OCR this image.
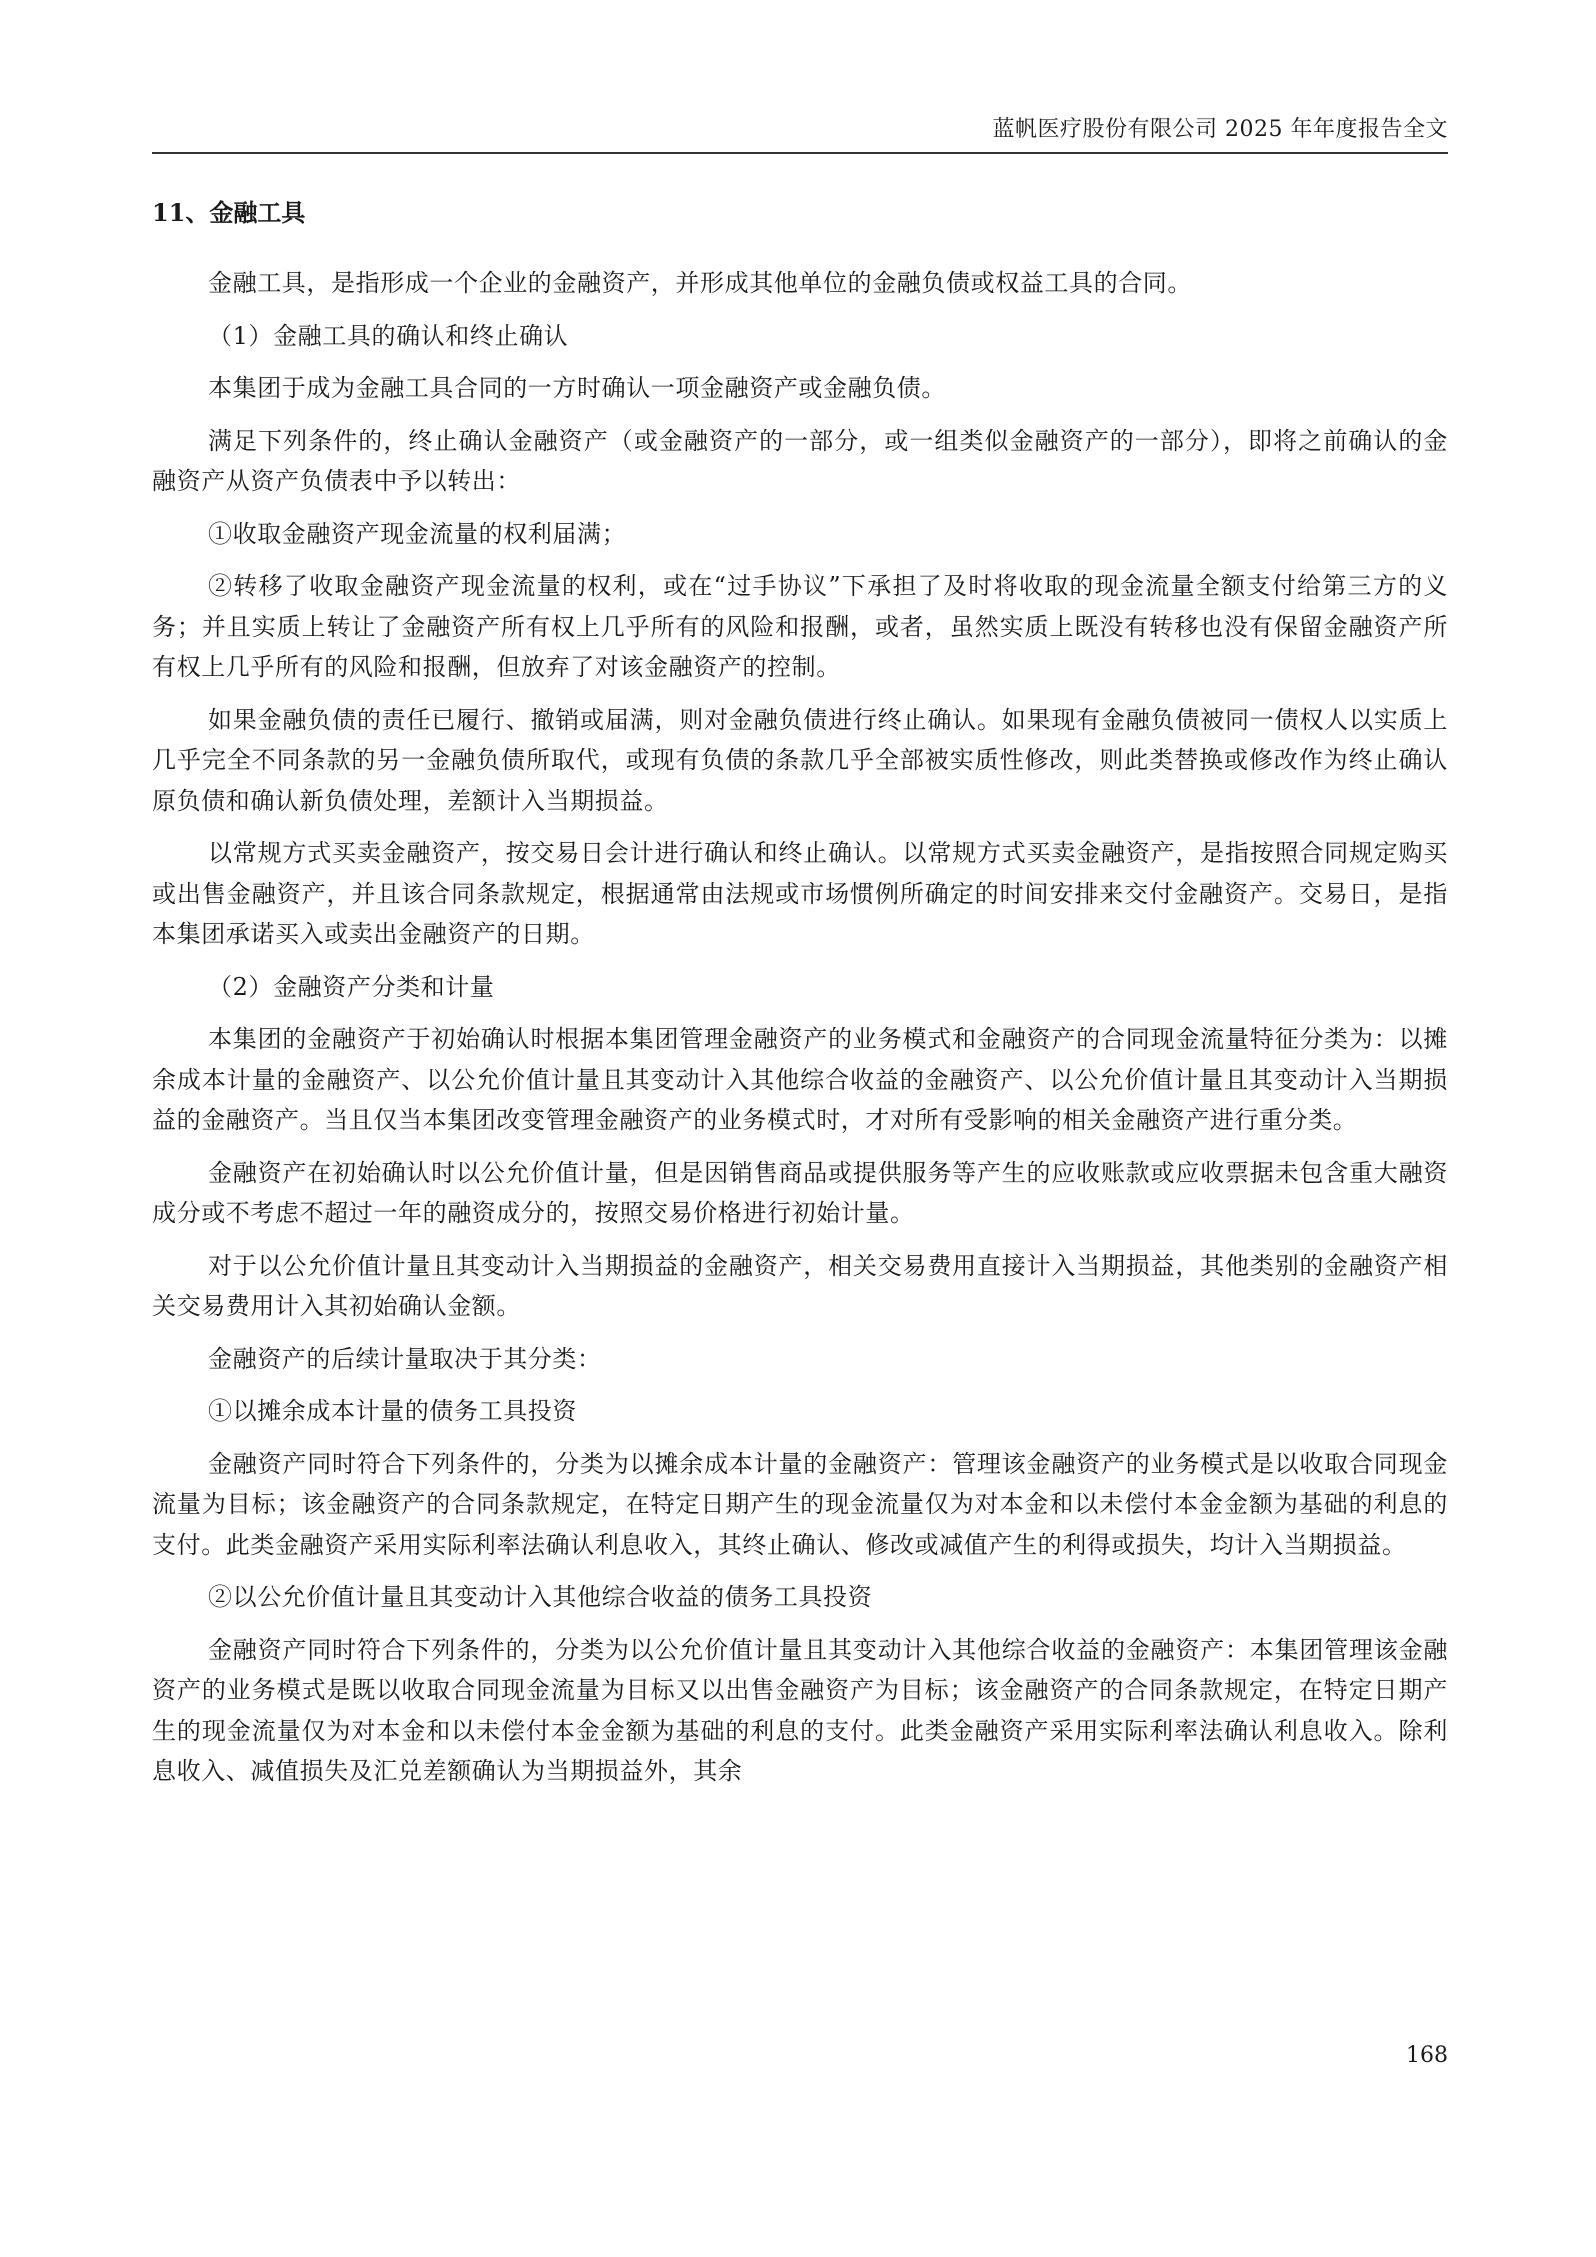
蓝帆医疗股份有限公司 2025 年年度报告全文
11、金融工具

金融工具，是指形成一个企业的金融资产，并形成其他单位的金融负债或权益工具的合同。

（1）金融工具的确认和终止确认

本集团于成为金融工具合同的一方时确认一项金融资产或金融负债。

满足下列条件的，终止确认金融资产（或金融资产的一部分，或一组类似金融资产的一部分），即将之前确认的金融资产从资产负债表中予以转出：

①收取金融资产现金流量的权利届满；

②转移了收取金融资产现金流量的权利，或在“过手协议”下承担了及时将收取的现金流量全额支付给第三方的义务；并且实质上转让了金融资产所有权上几乎所有的风险和报酬，或者，虽然实质上既没有转移也没有保留金融资产所有权上几乎所有的风险和报酬，但放弃了对该金融资产的控制。

如果金融负债的责任已履行、撤销或届满，则对金融负债进行终止确认。如果现有金融负债被同一债权人以实质上几乎完全不同条款的另一金融负债所取代，或现有负债的条款几乎全部被实质性修改，则此类替换或修改作为终止确认原负债和确认新负债处理，差额计入当期损益。

以常规方式买卖金融资产，按交易日会计进行确认和终止确认。以常规方式买卖金融资产，是指按照合同规定购买或出售金融资产，并且该合同条款规定，根据通常由法规或市场惯例所确定的时间安排来交付金融资产。交易日，是指本集团承诺买入或卖出金融资产的日期。

（2）金融资产分类和计量

本集团的金融资产于初始确认时根据本集团管理金融资产的业务模式和金融资产的合同现金流量特征分类为：以摊余成本计量的金融资产、以公允价值计量且其变动计入其他综合收益的金融资产、以公允价值计量且其变动计入当期损益的金融资产。当且仅当本集团改变管理金融资产的业务模式时，才对所有受影响的相关金融资产进行重分类。

金融资产在初始确认时以公允价值计量，但是因销售商品或提供服务等产生的应收账款或应收票据未包含重大融资成分或不考虑不超过一年的融资成分的，按照交易价格进行初始计量。

对于以公允价值计量且其变动计入当期损益的金融资产，相关交易费用直接计入当期损益，其他类别的金融资产相关交易费用计入其初始确认金额。

金融资产的后续计量取决于其分类：

①以摊余成本计量的债务工具投资

金融资产同时符合下列条件的，分类为以摊余成本计量的金融资产：管理该金融资产的业务模式是以收取合同现金流量为目标；该金融资产的合同条款规定，在特定日期产生的现金流量仅为对本金和以未偿付本金金额为基础的利息的支付。此类金融资产采用实际利率法确认利息收入，其终止确认、修改或减值产生的利得或损失，均计入当期损益。

②以公允价值计量且其变动计入其他综合收益的债务工具投资

金融资产同时符合下列条件的，分类为以公允价值计量且其变动计入其他综合收益的金融资产：本集团管理该金融资产的业务模式是既以收取合同现金流量为目标又以出售金融资产为目标；该金融资产的合同条款规定，在特定日期产生的现金流量仅为对本金和以未偿付本金金额为基础的利息的支付。此类金融资产采用实际利率法确认利息收入。除利息收入、减值损失及汇兑差额确认为当期损益外，其余

168
